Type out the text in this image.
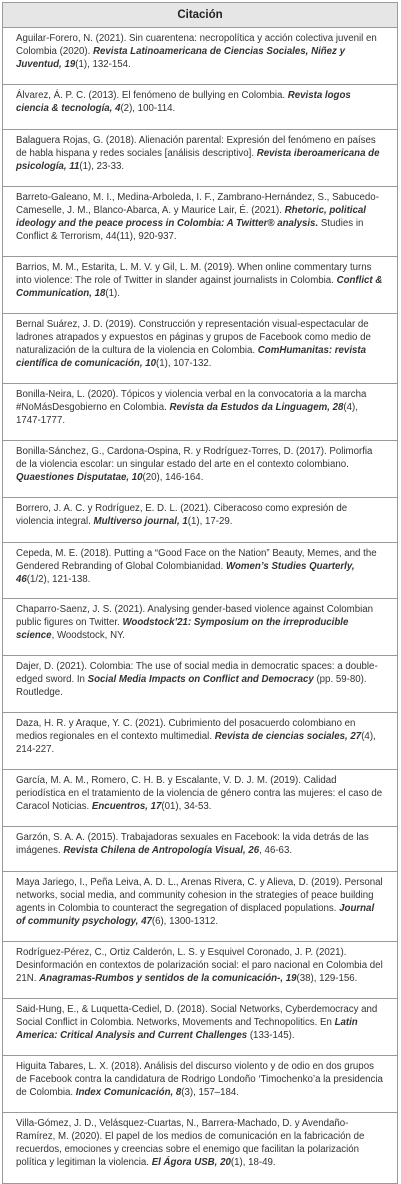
Citación
Aguilar-Forero, N. (2021). Sin cuarentena: necropolítica y acción colectiva juvenil en Colombia (2020). Revista Latinoamericana de Ciencias Sociales, Niñez y Juventud, 19(1), 132-154.
Álvarez, Á. P. C. (2013). El fenómeno de bullying en Colombia. Revista logos ciencia & tecnología, 4(2), 100-114.
Balaguera Rojas, G. (2018). Alienación parental: Expresión del fenómeno en países de habla hispana y redes sociales [análisis descriptivo]. Revista iberoamericana de psicología, 11(1), 23-33.
Barreto-Galeano, M. I., Medina-Arboleda, I. F., Zambrano-Hernández, S., Sabucedo-Cameselle, J. M., Blanco-Abarca, A. y Maurice Lair, É. (2021). Rhetoric, political ideology and the peace process in Colombia: A Twitter® analysis. Studies in Conflict & Terrorism, 44(11), 920-937.
Barrios, M. M., Estarita, L. M. V. y Gil, L. M. (2019). When online commentary turns into violence: The role of Twitter in slander against journalists in Colombia. Conflict & Communication, 18(1).
Bernal Suárez, J. D. (2019). Construcción y representación visual-espectacular de ladrones atrapados y expuestos en páginas y grupos de Facebook como medio de naturalización de la cultura de la violencia en Colombia. ComHumanitas: revista científica de comunicación, 10(1), 107-132.
Bonilla-Neira, L. (2020). Tópicos y violencia verbal en la convocatoria a la marcha #NoMásDesgobierno en Colombia. Revista da Estudos da Linguagem, 28(4), 1747-1777.
Bonilla-Sánchez, G., Cardona-Ospina, R. y Rodríguez-Torres, D. (2017). Polimorfia de la violencia escolar: un singular estado del arte en el contexto colombiano. Quaestiones Disputatae, 10(20), 146-164.
Borrero, J. A. C. y Rodríguez, E. D. L. (2021). Ciberacoso como expresión de violencia integral. Multiverso journal, 1(1), 17-29.
Cepeda, M. E. (2018). Putting a “Good Face on the Nation” Beauty, Memes, and the Gendered Rebranding of Global Colombianidad. Women’s Studies Quarterly, 46(1/2), 121-138.
Chaparro-Saenz, J. S. (2021). Analysing gender-based violence against Colombian public figures on Twitter. Woodstock’21: Symposium on the irreproducible science, Woodstock, NY.
Dajer, D. (2021). Colombia: The use of social media in democratic spaces: a double-edged sword. In Social Media Impacts on Conflict and Democracy (pp. 59-80). Routledge.
Daza, H. R. y Araque, Y. C. (2021). Cubrimiento del posacuerdo colombiano en medios regionales en el contexto multimedial. Revista de ciencias sociales, 27(4), 214-227.
García, M. A. M., Romero, C. H. B. y Escalante, V. D. J. M. (2019). Calidad periodística en el tratamiento de la violencia de género contra las mujeres: el caso de Caracol Noticias. Encuentros, 17(01), 34-53.
Garzón, S. A. A. (2015). Trabajadoras sexuales en Facebook: la vida detrás de las imágenes. Revista Chilena de Antropología Visual, 26, 46-63.
Maya Jariego, I., Peña Leiva, A. D. L., Arenas Rivera, C. y Alieva, D. (2019). Personal networks, social media, and community cohesion in the strategies of peace building agents in Colombia to counteract the segregation of displaced populations. Journal of community psychology, 47(6), 1300-1312.
Rodríguez-Pérez, C., Ortiz Calderón, L. S. y Esquivel Coronado, J. P. (2021). Desinformación en contextos de polarización social: el paro nacional en Colombia del 21N. Anagramas-Rumbos y sentidos de la comunicación-, 19(38), 129-156.
Said-Hung, E., & Luquetta-Cediel, D. (2018). Social Networks, Cyberdemocracy and Social Conflict in Colombia. Networks, Movements and Technopolitics. En Latin America: Critical Analysis and Current Challenges (133-145).
Higuita Tabares, L. X. (2018). Análisis del discurso violento y de odio en dos grupos de Facebook contra la candidatura de Rodrigo Londoño ‘Timochenko’a la presidencia de Colombia. Index Comunicación, 8(3), 157–184.
Villa-Gómez, J. D., Velásquez-Cuartas, N., Barrera-Machado, D. y Avendaño-Ramírez, M. (2020). El papel de los medios de comunicación en la fabricación de recuerdos, emociones y creencias sobre el enemigo que facilitan la polarización política y legitiman la violencia. El Ágora USB, 20(1), 18-49.
